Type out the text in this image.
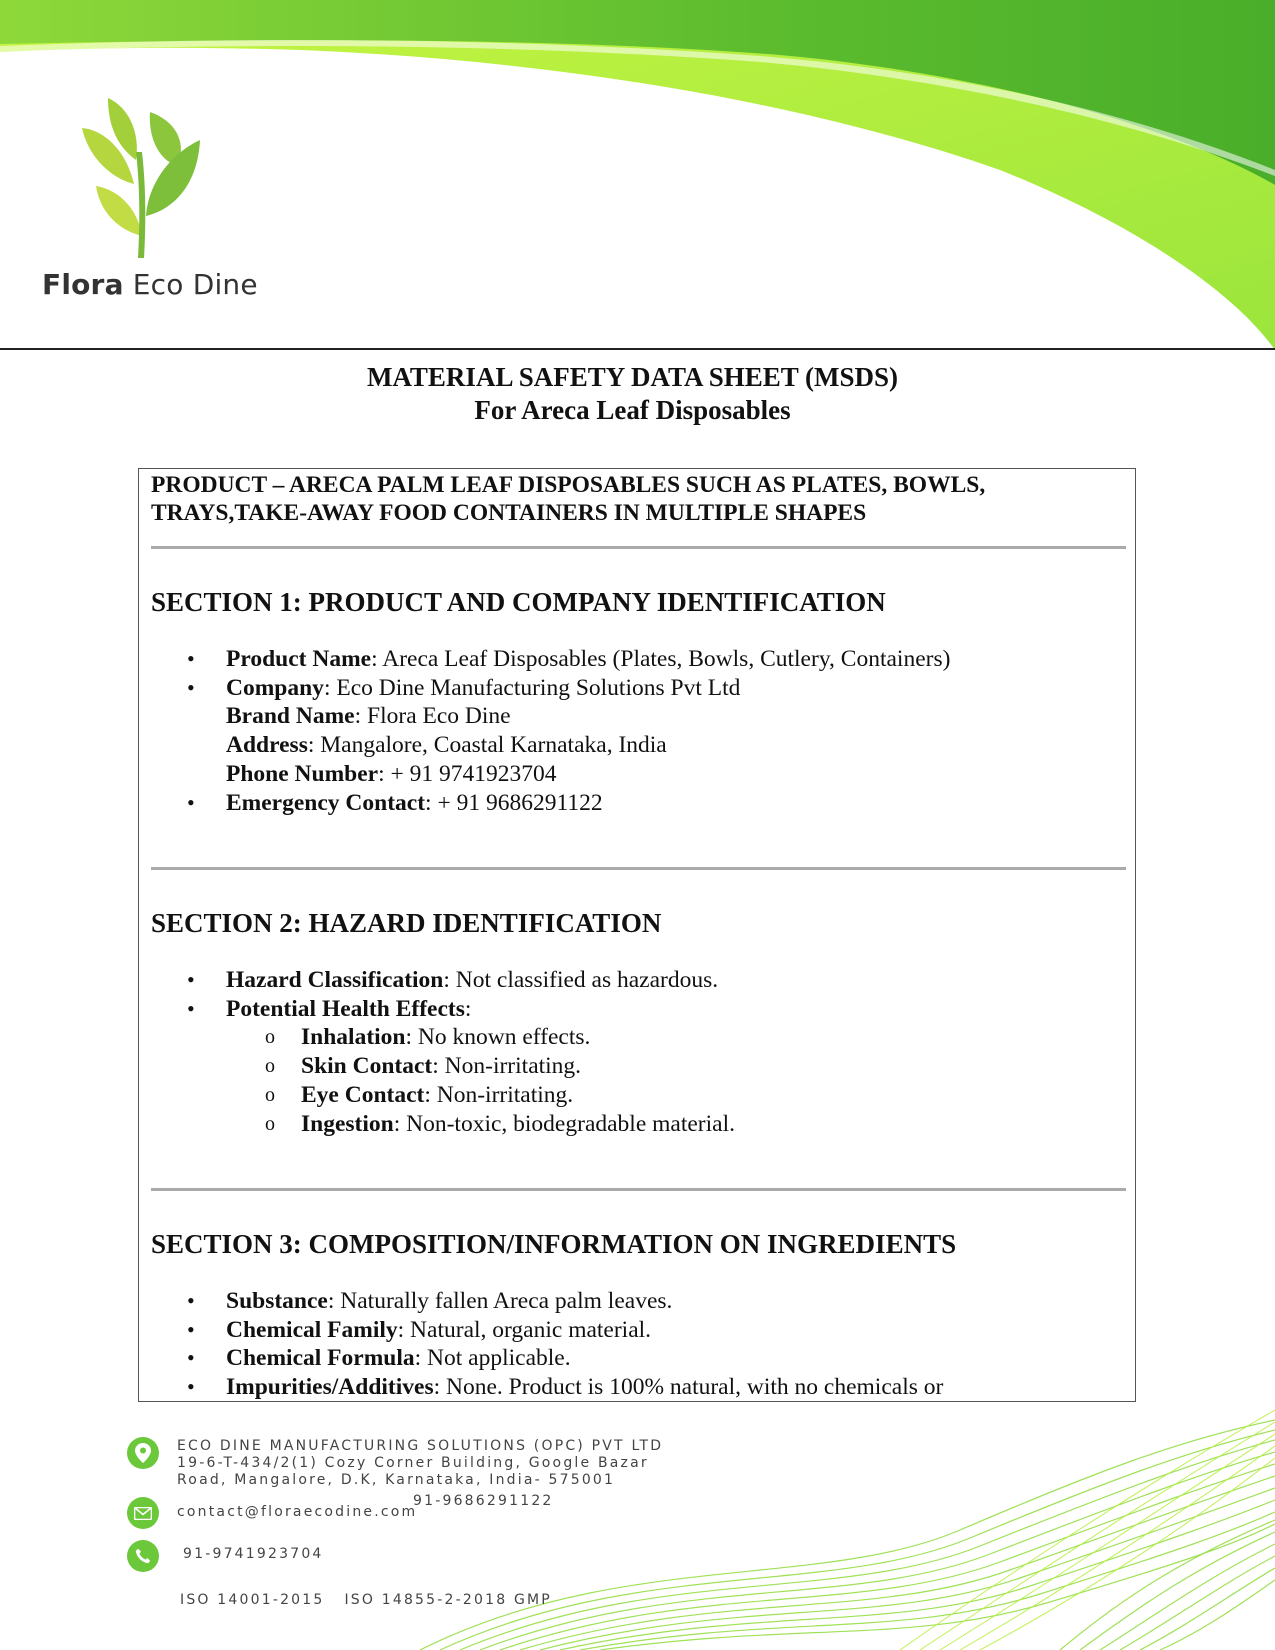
Flora Eco Dine
MATERIAL SAFETY DATA SHEET (MSDS)
For Areca Leaf Disposables
PRODUCT – ARECA PALM LEAF DISPOSABLES SUCH AS PLATES, BOWLS, TRAYS,TAKE-AWAY FOOD CONTAINERS IN MULTIPLE SHAPES
SECTION 1: PRODUCT AND COMPANY IDENTIFICATION
• Product Name: Areca Leaf Disposables (Plates, Bowls, Cutlery, Containers)
• Company: Eco Dine Manufacturing Solutions Pvt Ltd
Brand Name: Flora Eco Dine
Address: Mangalore, Coastal Karnataka, India
Phone Number: + 91 9741923704
• Emergency Contact: + 91 9686291122
SECTION 2: HAZARD IDENTIFICATION
• Hazard Classification: Not classified as hazardous.
• Potential Health Effects:
o Inhalation: No known effects.
o Skin Contact: Non-irritating.
o Eye Contact: Non-irritating.
o Ingestion: Non-toxic, biodegradable material.
SECTION 3: COMPOSITION/INFORMATION ON INGREDIENTS
• Substance: Naturally fallen Areca palm leaves.
• Chemical Family: Natural, organic material.
• Chemical Formula: Not applicable.
• Impurities/Additives: None. Product is 100% natural, with no chemicals or
ECO DINE MANUFACTURING SOLUTIONS (OPC) PVT LTD
19-6-T-434/2(1) Cozy Corner Building, Google Bazar
Road, Mangalore, D.K, Karnataka, India- 575001
contact@floraecodine.com
91-9686291122
91-9741923704
ISO 14001-2015   ISO 14855-2-2018 GMP
